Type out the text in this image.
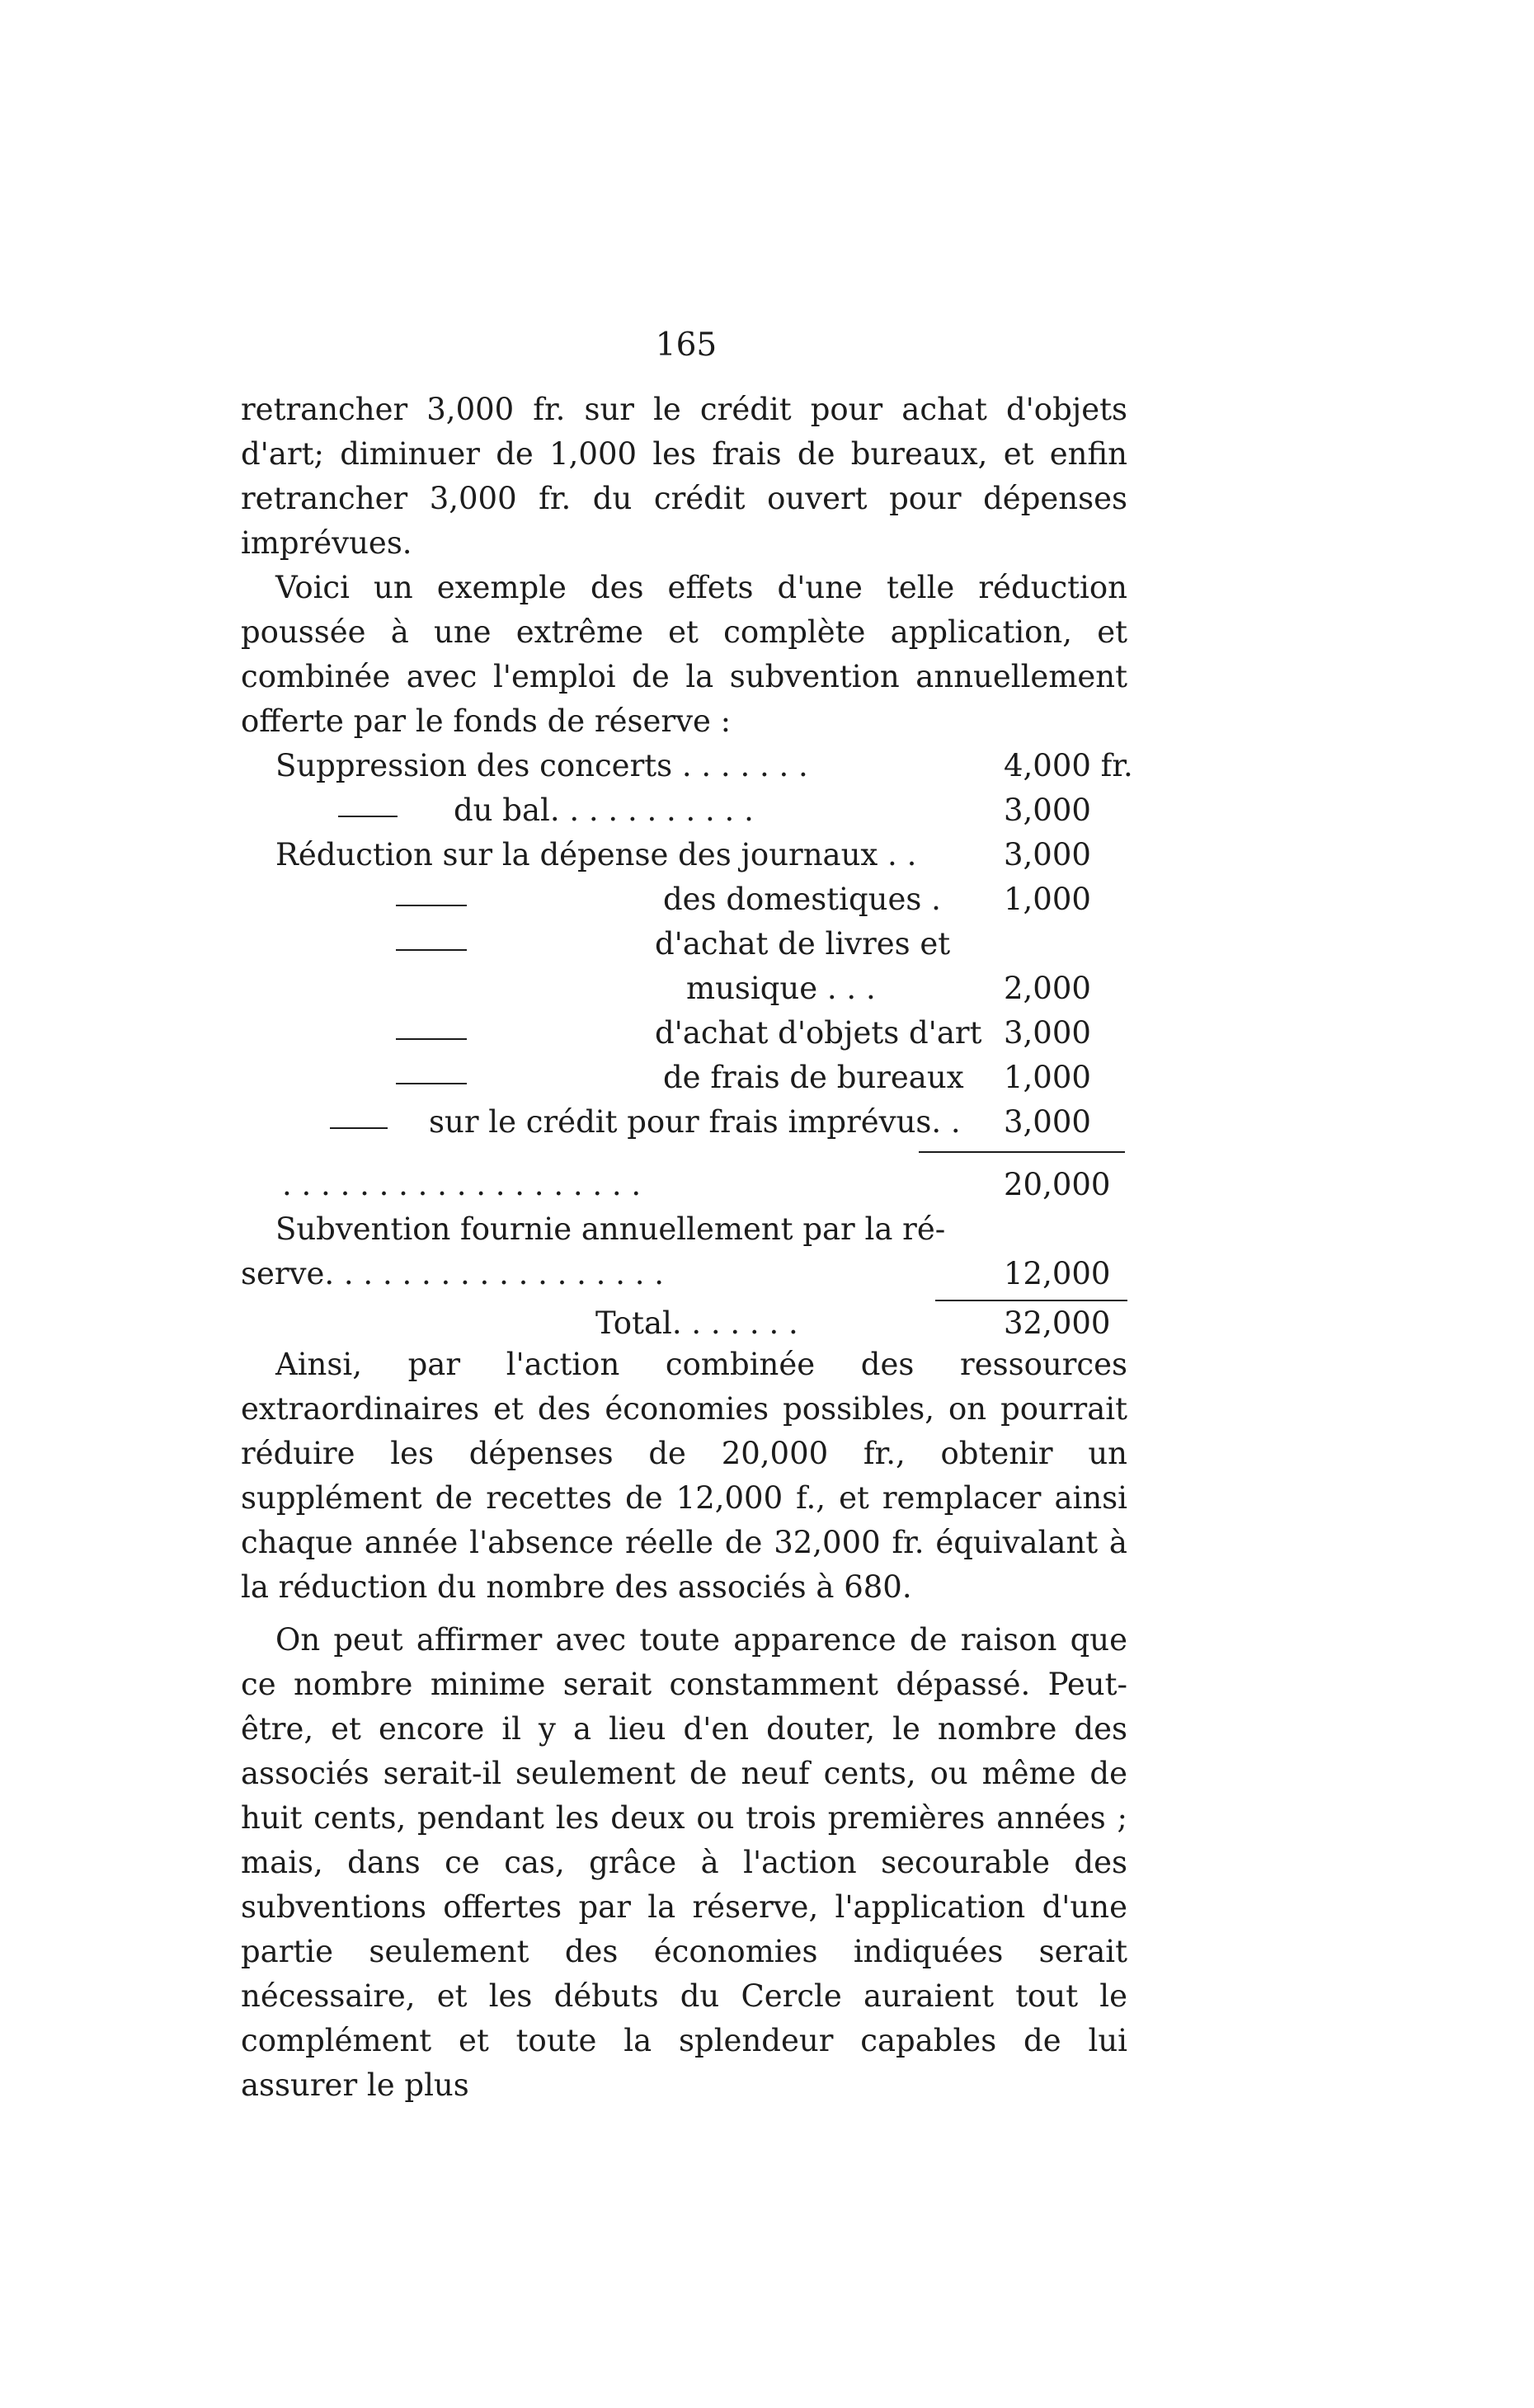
165

retrancher 3,000 fr. sur le crédit pour achat d'objets d'art; diminuer de 1,000 les frais de bureaux, et enfin retrancher 3,000 fr. du crédit ouvert pour dépenses imprévues.

Voici un exemple des effets d'une telle réduction poussée à une extrême et complète application, et combinée avec l'emploi de la subvention annuellement offerte par le fonds de réserve :

Suppression des concerts . . . . . . .	4,000 fr.
du bal. . . . . . . . . . .	3,000
Réduction sur la dépense des journaux . .	3,000
des domestiques . 1,000
d'achat de livres et
musique . . .	2,000
d'achat d'objets d'art 3,000
de frais de bureaux 1,000
sur le crédit pour frais imprévus. . 3,000
. . . . . . . . . . . . . . . . . . .	20,000
Subvention fournie annuellement par la ré-
serve. . . . . . . . . . . . . . . . . .	12,000
Total. . . . . . .	32,000

Ainsi, par l'action combinée des ressources extraordinaires et des économies possibles, on pourrait réduire les dépenses de 20,000 fr., obtenir un supplément de recettes de 12,000 f., et remplacer ainsi chaque année l'absence réelle de 32,000 fr. équivalant à la réduction du nombre des associés à 680.

On peut affirmer avec toute apparence de raison que ce nombre minime serait constamment dépassé. Peut-être, et encore il y a lieu d'en douter, le nombre des associés serait-il seulement de neuf cents, ou même de huit cents, pendant les deux ou trois premières années ; mais, dans ce cas, grâce à l'action secourable des subventions offertes par la réserve, l'application d'une partie seulement des économies indiquées serait nécessaire, et les débuts du Cercle auraient tout le complément et toute la splendeur capables de lui assurer le plus
